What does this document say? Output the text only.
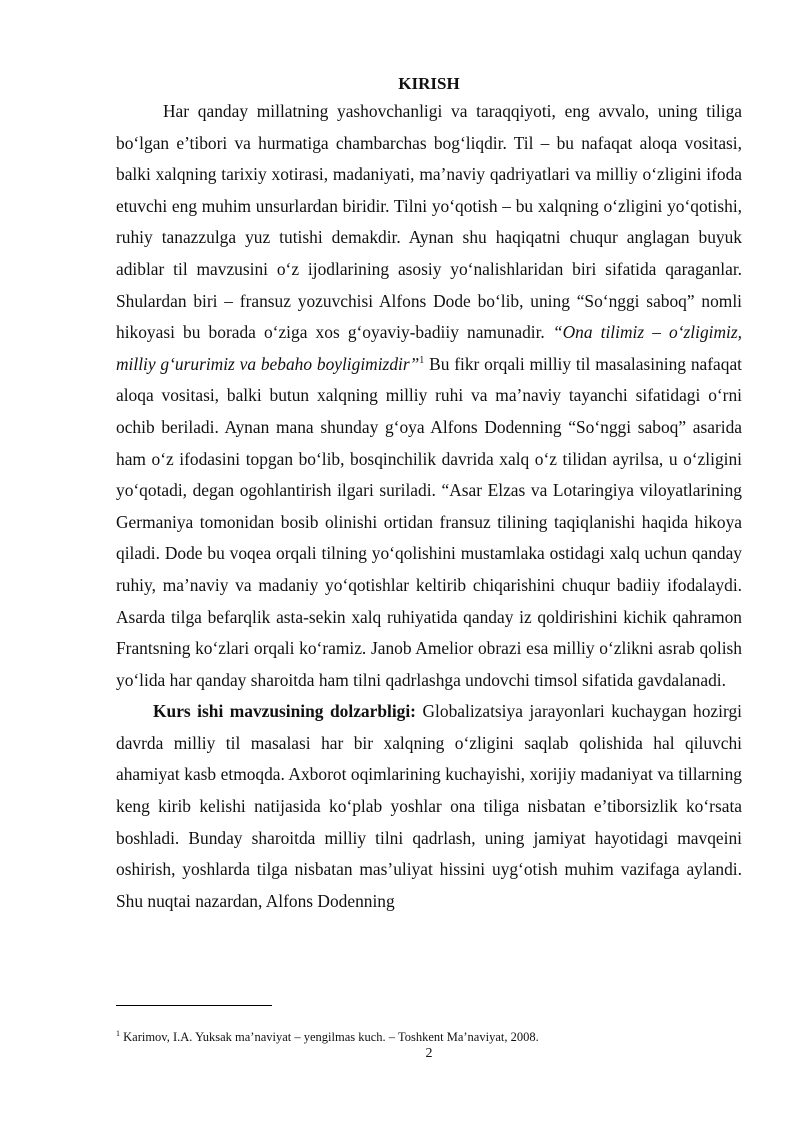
KIRISH

Har qanday millatning yashovchanligi va taraqqiyoti, eng avvalo, uning tiliga bo‘lgan e’tibori va hurmatiga chambarchas bog‘liqdir. Til – bu nafaqat aloqa vositasi, balki xalqning tarixiy xotirasi, madaniyati, ma’naviy qadriyatlari va milliy o‘zligini ifoda etuvchi eng muhim unsurlardan biridir. Tilni yo‘qotish – bu xalqning o‘zligini yo‘qotishi, ruhiy tanazzulga yuz tutishi demakdir. Aynan shu haqiqatni chuqur anglagan buyuk adiblar til mavzusini o‘z ijodlarining asosiy yo‘nalishlaridan biri sifatida qaraganlar. Shulardan biri – fransuz yozuvchisi Alfons Dode bo‘lib, uning “So‘nggi saboq” nomli hikoyasi bu borada o‘ziga xos g‘oyaviy-badiiy namunadir. “Ona tilimiz – o‘zligimiz, milliy g‘ururimiz va bebaho boyligimizdir”$^1$ Bu fikr orqali milliy til masalasining nafaqat aloqa vositasi, balki butun xalqning milliy ruhi va ma’naviy tayanchi sifatidagi o‘rni ochib beriladi. Aynan mana shunday g‘oya Alfons Dodenning “So‘nggi saboq” asarida ham o‘z ifodasini topgan bo‘lib, bosqinchilik davrida xalq o‘z tilidan ayrilsa, u o‘zligini yo‘qotadi, degan ogohlantirish ilgari suriladi. “Asar Elzas va Lotaringiya viloyatlarining Germaniya tomonidan bosib olinishi ortidan fransuz tilining taqiqlanishi haqida hikoya qiladi. Dode bu voqea orqali tilning yo‘qolishini mustamlaka ostidagi xalq uchun qanday ruhiy, ma’naviy va madaniy yo‘qotishlar keltirib chiqarishini chuqur badiiy ifodalaydi. Asarda tilga befarqlik asta-sekin xalq ruhiyatida qanday iz qoldirishini kichik qahramon Frantsning ko‘zlari orqali ko‘ramiz. Janob Amelior obrazi esa milliy o‘zlikni asrab qolish yo‘lida har qanday sharoitda ham tilni qadrlashga undovchi timsol sifatida gavdalanadi.

Kurs ishi mavzusining dolzarbligi: Globalizatsiya jarayonlari kuchaygan hozirgi davrda milliy til masalasi har bir xalqning o‘zligini saqlab qolishida hal qiluvchi ahamiyat kasb etmoqda. Axborot oqimlarining kuchayishi, xorijiy madaniyat va tillarning keng kirib kelishi natijasida ko‘plab yoshlar ona tiliga nisbatan e’tiborsizlik ko‘rsata boshladi. Bunday sharoitda milliy tilni qadrlash, uning jamiyat hayotidagi mavqeini oshirish, yoshlarda tilga nisbatan mas’uliyat hissini uyg‘otish muhim vazifaga aylandi. Shu nuqtai nazardan, Alfons Dodenning

$^1$ Karimov, I.A. Yuksak ma’naviyat – yengilmas kuch. – Toshkent Ma’naviyat, 2008.
2
